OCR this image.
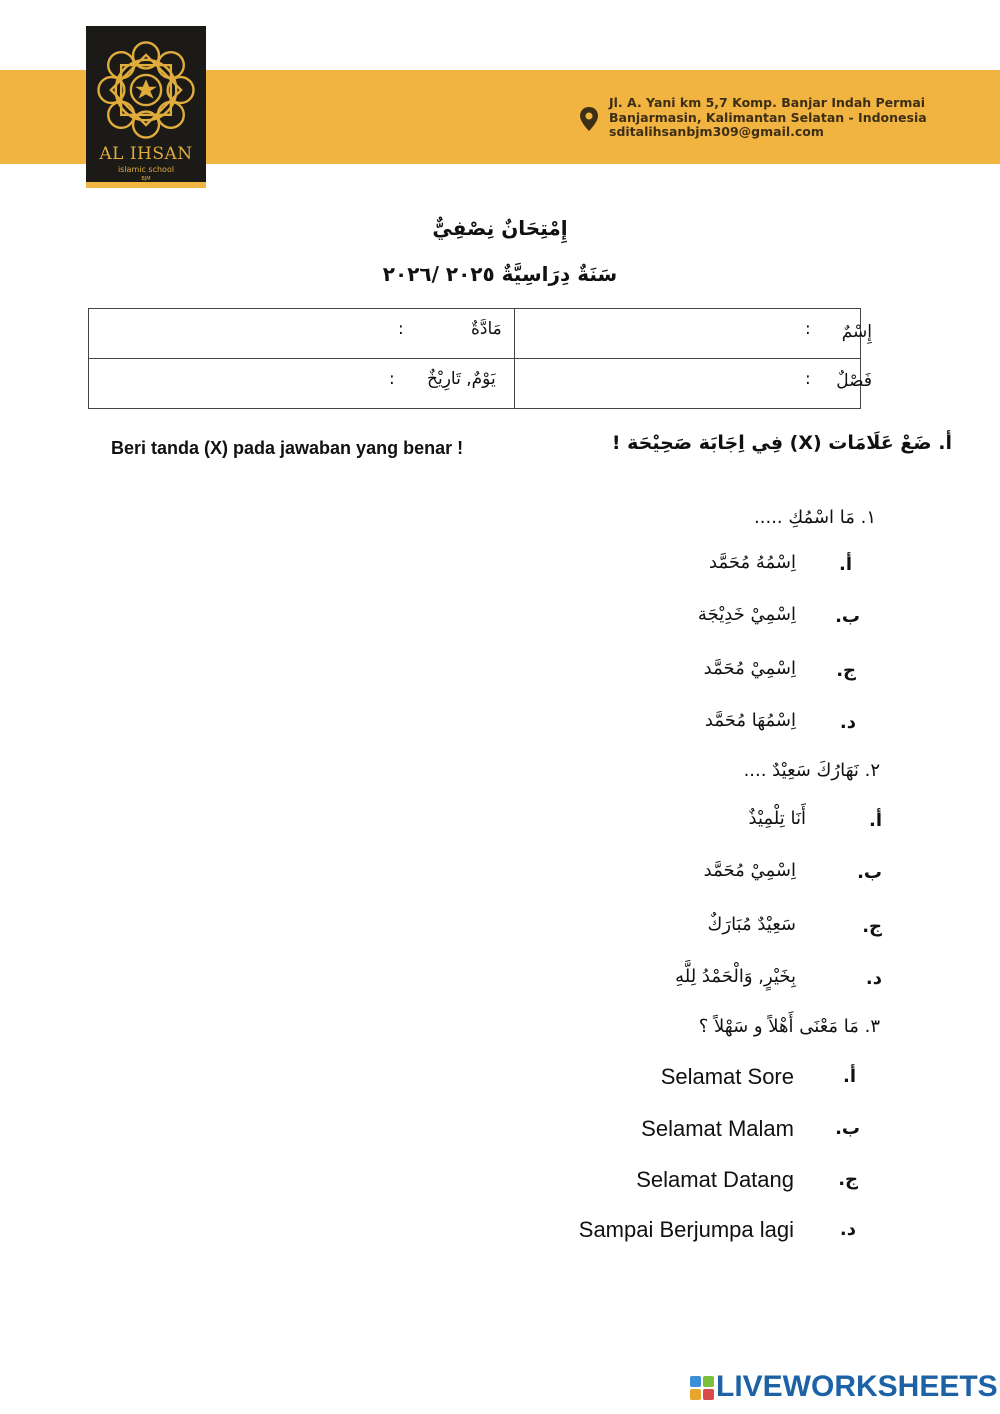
AL IHSAN
islamic school
BJM
Jl. A. Yani km 5,7 Komp. Banjar Indah Permai
Banjarmasin, Kalimantan Selatan - Indonesia
sditalihsanbjm309@gmail.com
إِمْتِحَانٌ نِصْفِيٌّ
سَنَةٌ دِرَاسِيَّةٌ ٢٠٢٥ /٢٠٢٦
إِسْمٌ
:
فَصْلٌ
:
مَادَّةٌ
:
يَوْمٌ, تَارِيْخٌ
:
أ. ضَعْ عَلَامَات (X) فِي اِجَابَة صَحِيْحَة !
Beri tanda (X) pada jawaban yang benar !
١. مَا اسْمُكِ .....
أ.
اِسْمُهُ مُحَمَّد
ب.
اِسْمِيْ خَدِيْجَة
ج.
اِسْمِيْ مُحَمَّد
د.
اِسْمُهَا مُحَمَّد
٢. نَهَارُكَ سَعِيْدٌ ....
أ.
أَنَا تِلْمِيْذٌ
ب.
اِسْمِيْ مُحَمَّد
ج.
سَعِيْدٌ مُبَارَكٌ
د.
بِخَيْرٍ, وَالْحَمْدُ لِلَّهِ
٣. مَا مَعْنَى أَهْلاً و سَهْلاً ؟
أ.
Selamat Sore
ب.
Selamat Malam
ج.
Selamat Datang
د.
Sampai Berjumpa lagi
LIVEWORKSHEETS
